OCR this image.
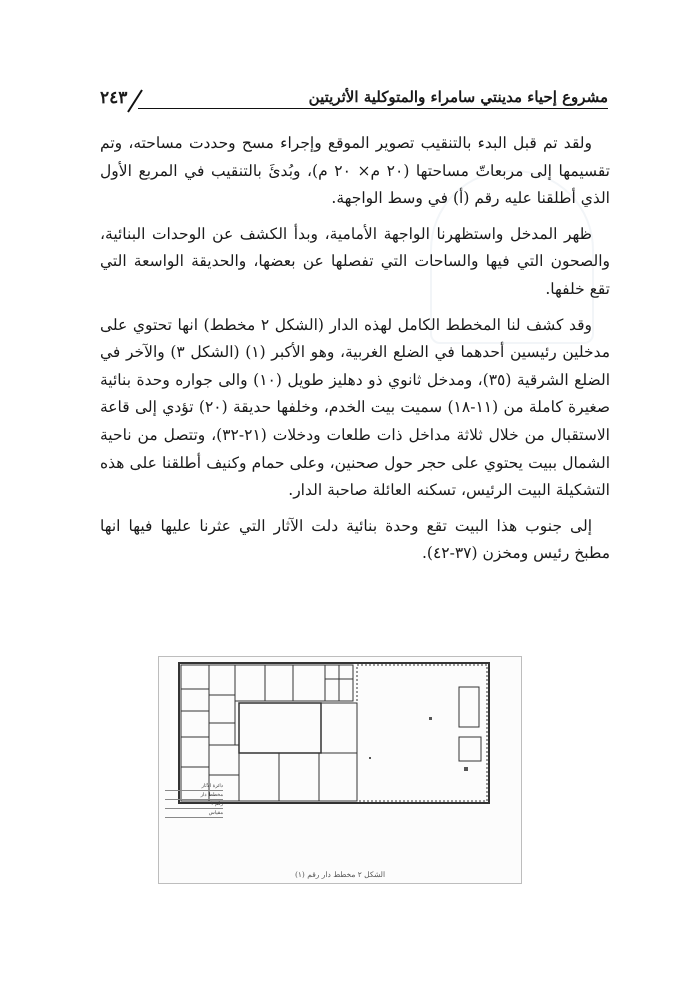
٢٤٣	مشروع إحياء مدينتي سامراء والمتوكلية الأثريتين

ولقد تم قبل البدء بالتنقيب تصوير الموقع وإجراء مسح وحددت مساحته، وتم تقسيمها إلى مربعاتّ مساحتها (٢٠ م× ٢٠ م)، وبُدئَ بالتنقيب في المربع الأول الذي أطلقنا عليه رقم (أ) في وسط الواجهة.

ظهر المدخل واستظهرنا الواجهة الأمامية، وبدأ الكشف عن الوحدات البنائية، والصحون التي فيها والساحات التي تفصلها عن بعضها، والحديقة الواسعة التي تقع خلفها.

وقد كشف لنا المخطط الكامل لهذه الدار (الشكل ٢ مخطط) انها تحتوي على مدخلين رئيسين أحدهما في الضلع الغربية، وهو الأكبر (١) (الشكل ٣) والآخر في الضلع الشرقية (٣٥)، ومدخل ثانوي ذو دهليز طويل (١٠) والى جواره وحدة بنائية صغيرة كاملة من (١١-١٨) سميت بيت الخدم، وخلفها حديقة (٢٠) تؤدي إلى قاعة الاستقبال من خلال ثلاثة مداخل ذات طلعات ودخلات (٢١-٣٢)، وتتصل من ناحية الشمال ببيت يحتوي على حجر حول صحنين، وعلى حمام وكنيف أطلقنا على هذه التشكيلة البيت الرئيس، تسكنه العائلة صاحبة الدار.

إلى جنوب هذا البيت تقع وحدة بنائية دلت الآثار التي عثرنا عليها فيها انها مطبخ رئيس ومخزن (٣٧-٤٢).

دائرة الآثار
مخطط دار
رقم ١
مقياس
الشكل ٢ مخطط دار رقم (١)
